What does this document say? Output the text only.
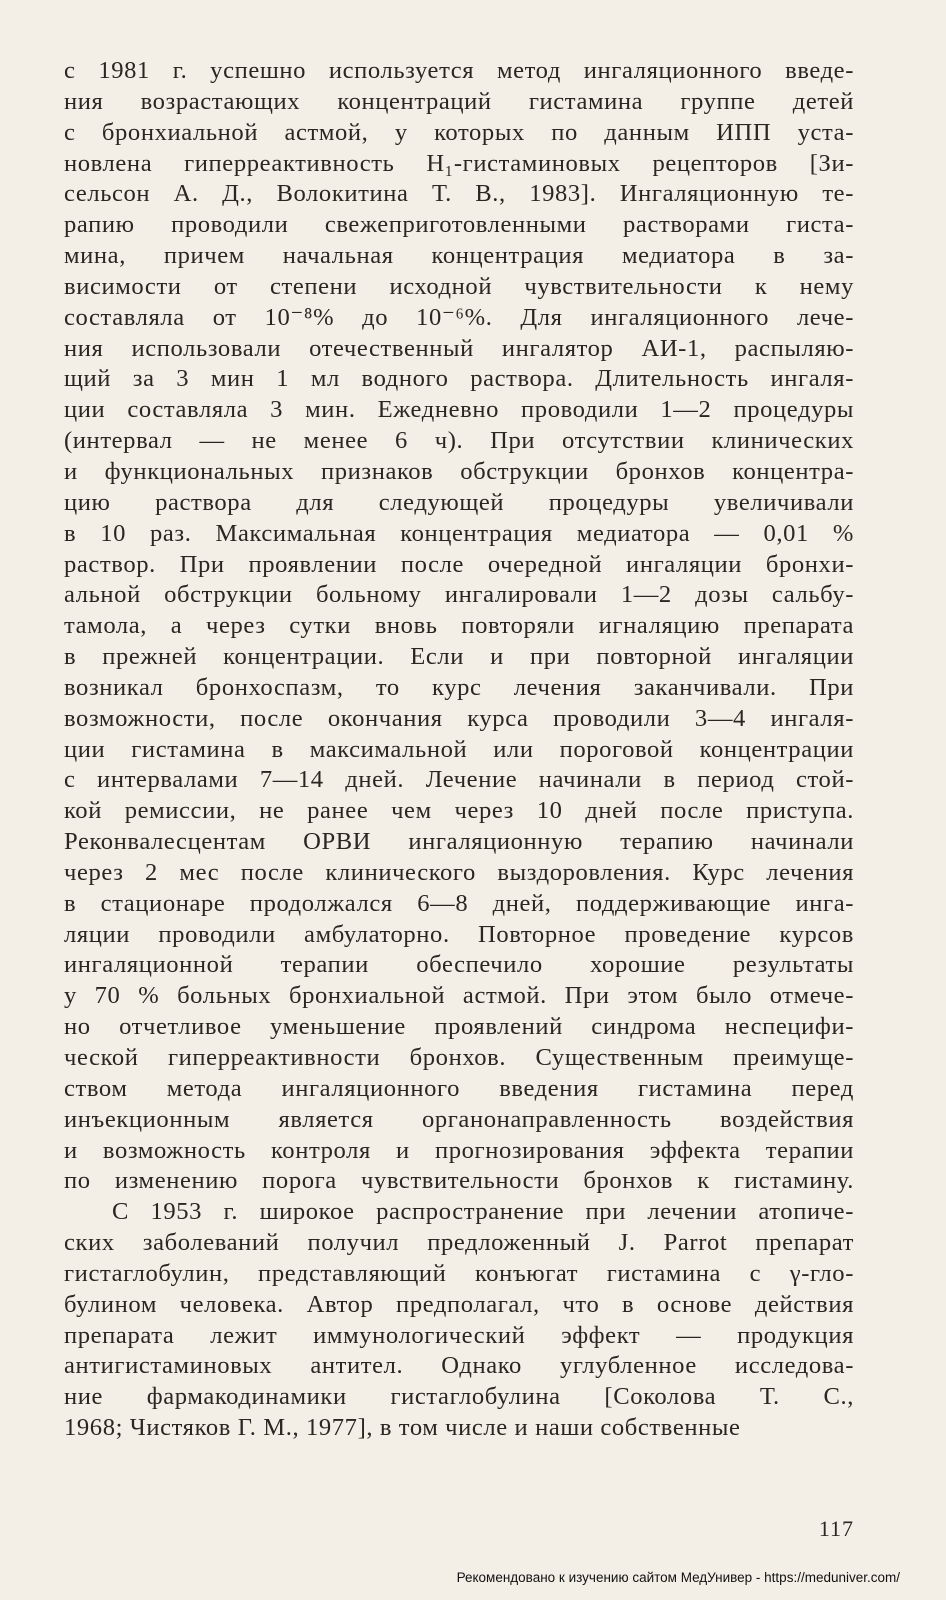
с 1981 г. успешно используется метод ингаляционного введе-
ния возрастающих концентраций гистамина группе детей
с бронхиальной астмой, у которых по данным ИПП уста-
новлена гиперреактивность H₁-гистаминовых рецепторов [Зи-
сельсон А. Д., Волокитина Т. В., 1983]. Ингаляционную те-
рапию проводили свежеприготовленными растворами гиста-
мина, причем начальная концентрация медиатора в за-
висимости от степени исходной чувствительности к нему
составляла от 10⁻⁸% до 10⁻⁶%. Для ингаляционного лече-
ния использовали отечественный ингалятор АИ-1, распыляю-
щий за 3 мин 1 мл водного раствора. Длительность ингаля-
ции составляла 3 мин. Ежедневно проводили 1—2 процедуры
(интервал — не менее 6 ч). При отсутствии клинических
и функциональных признаков обструкции бронхов концентра-
цию раствора для следующей процедуры увеличивали
в 10 раз. Максимальная концентрация медиатора — 0,01 %
раствор. При проявлении после очередной ингаляции бронхи-
альной обструкции больному ингалировали 1—2 дозы сальбу-
тамола, а через сутки вновь повторяли игналяцию препарата
в прежней концентрации. Если и при повторной ингаляции
возникал бронхоспазм, то курс лечения заканчивали. При
возможности, после окончания курса проводили 3—4 ингаля-
ции гистамина в максимальной или пороговой концентрации
с интервалами 7—14 дней. Лечение начинали в период стой-
кой ремиссии, не ранее чем через 10 дней после приступа.
Реконвалесцентам ОРВИ ингаляционную терапию начинали
через 2 мес после клинического выздоровления. Курс лечения
в стационаре продолжался 6—8 дней, поддерживающие инга-
ляции проводили амбулаторно. Повторное проведение курсов
ингаляционной терапии обеспечило хорошие результаты
у 70 % больных бронхиальной астмой. При этом было отмече-
но отчетливое уменьшение проявлений синдрома неспецифи-
ческой гиперреактивности бронхов. Существенным преимуще-
ством метода ингаляционного введения гистамина перед
инъекционным является органонаправленность воздействия
и возможность контроля и прогнозирования эффекта терапии
по изменению порога чувствительности бронхов к гистамину.
С 1953 г. широкое распространение при лечении атопиче-
ских заболеваний получил предложенный J. Parrot препарат
гистаглобулин, представляющий конъюгат гистамина с γ-гло-
булином человека. Автор предполагал, что в основе действия
препарата лежит иммунологический эффект — продукция
антигистаминовых антител. Однако углубленное исследова-
ние фармакодинамики гистаглобулина [Соколова Т. С.,
1968; Чистяков Г. М., 1977], в том числе и наши собственные
117
Рекомендовано к изучению сайтом МедУнивер - https://meduniver.com/
